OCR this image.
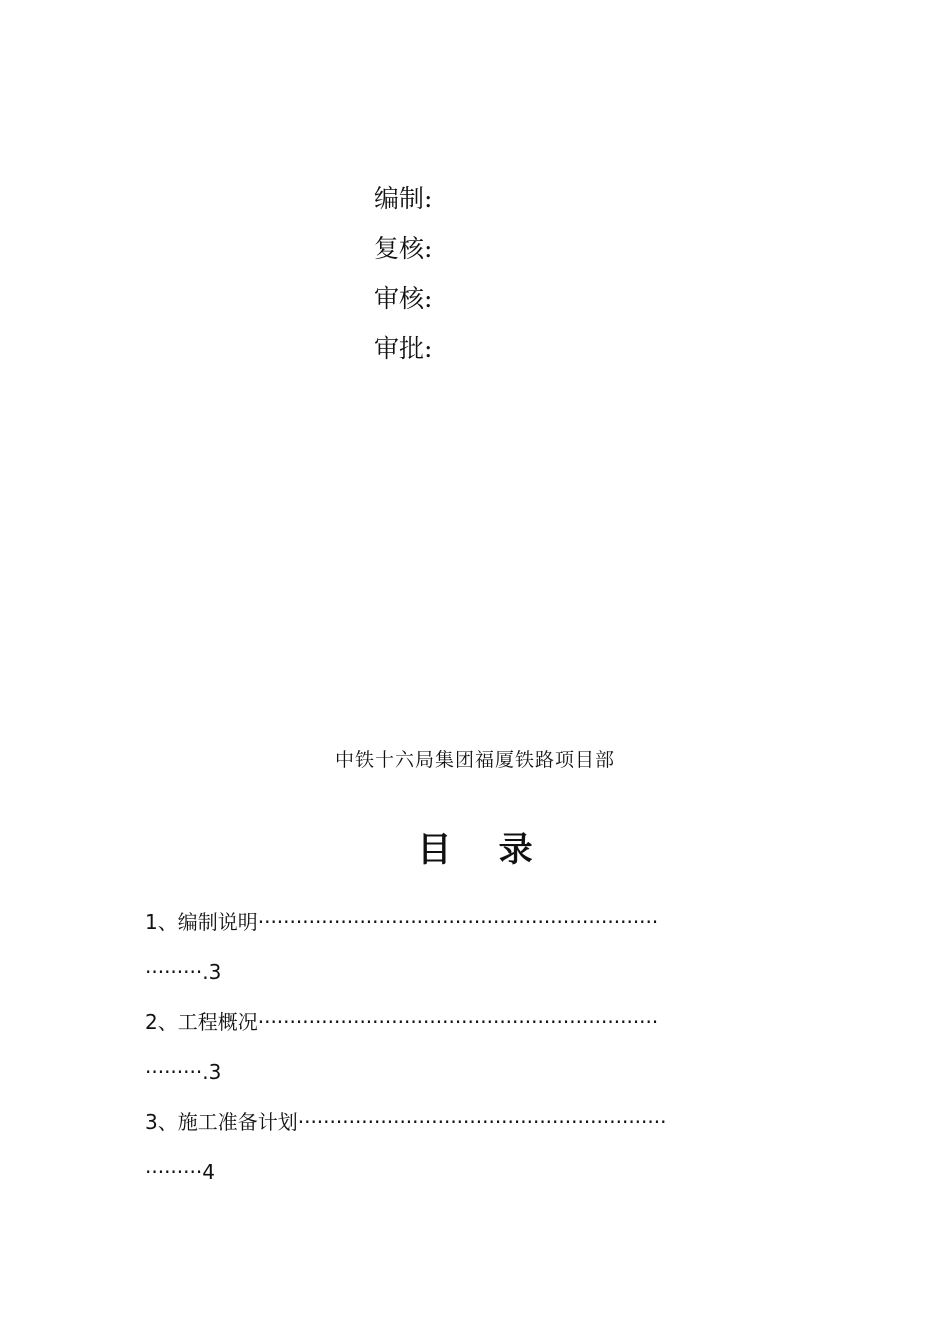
编制:
复核:
审核:
审批:
中铁十六局集团福厦铁路项目部
目    录
1、编制说明·······························································
·········.3
2、工程概况·······························································
·········.3
3、施工准备计划··························································
·········4
